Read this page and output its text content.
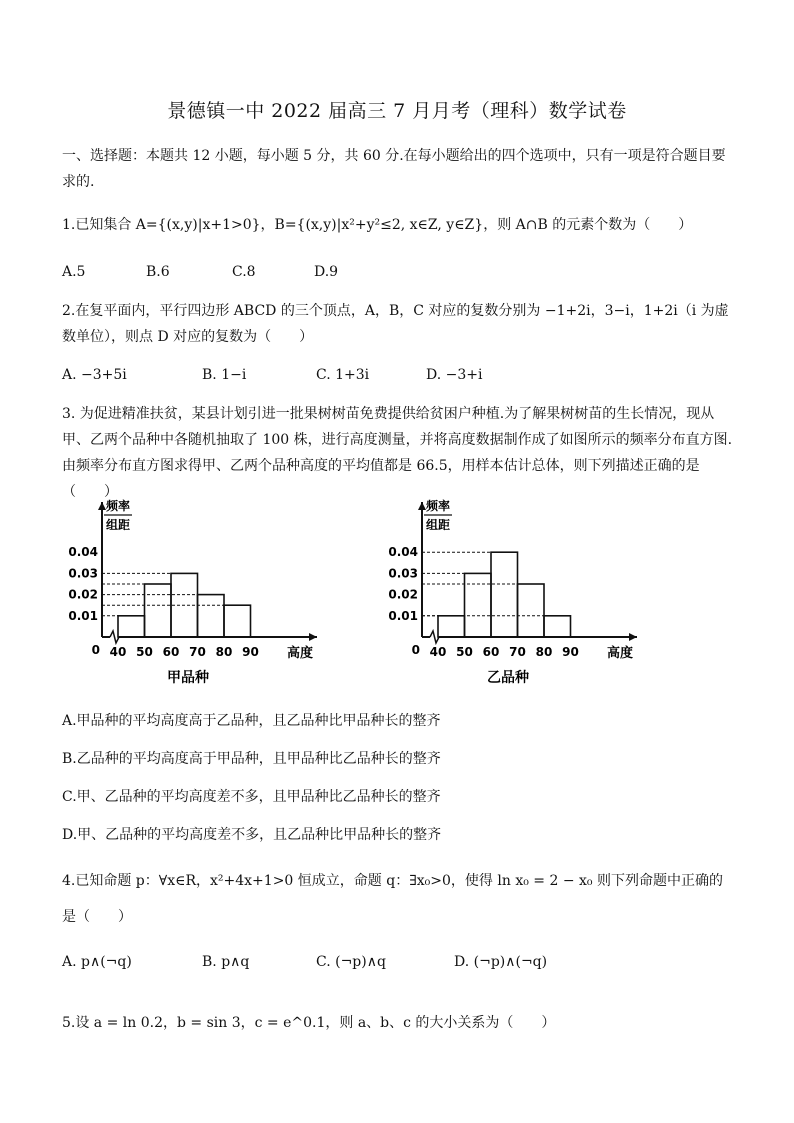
景德镇一中 2022 届高三 7 月月考（理科）数学试卷
一、选择题：本题共 12 小题，每小题 5 分，共 60 分.在每小题给出的四个选项中，只有一项是符合题目要求的.
1.已知集合 A={(x,y)|x+1>0}，B={(x,y)|x²+y²≤2, x∈Z, y∈Z}，则 A∩B 的元素个数为（　　）
A.5	B.6	C.8	D.9
2.在复平面内，平行四边形 ABCD 的三个顶点，A，B，C 对应的复数分别为 −1+2i，3−i，1+2i（i 为虚数单位），则点 D 对应的复数为（　　）
A. −3+5i	B. 1−i	C. 1+3i	D. −3+i
3. 为促进精准扶贫，某县计划引进一批果树树苗免费提供给贫困户种植.为了解果树树苗的生长情况，现从甲、乙两个品种中各随机抽取了 100 株，进行高度测量，并将高度数据制作成了如图所示的频率分布直方图.由频率分布直方图求得甲、乙两个品种高度的平均值都是 66.5，用样本估计总体，则下列描述正确的是（　　）
频率
组距
0.04
0.03
0.02
0.01
40 50 60 70 80 90
0	高度
甲品种
频率
组距
0.04
0.03
0.02
0.01
40 50 60 70 80 90
0	高度
乙品种
A.甲品种的平均高度高于乙品种，且乙品种比甲品种长的整齐
B.乙品种的平均高度高于甲品种，且甲品种比乙品种长的整齐
C.甲、乙品种的平均高度差不多，且甲品种比乙品种长的整齐
D.甲、乙品种的平均高度差不多，且乙品种比甲品种长的整齐
4.已知命题 p：∀x∈R，x²+4x+1>0 恒成立，命题 q：∃x₀>0，使得 ln x₀ = 2 − x₀ 则下列命题中正确的
是（　　）
A. p∧(¬q)	B. p∧q	C. (¬p)∧q	D. (¬p)∧(¬q)
5.设 a = ln 0.2，b = sin 3，c = e^0.1，则 a、b、c 的大小关系为（　　）
